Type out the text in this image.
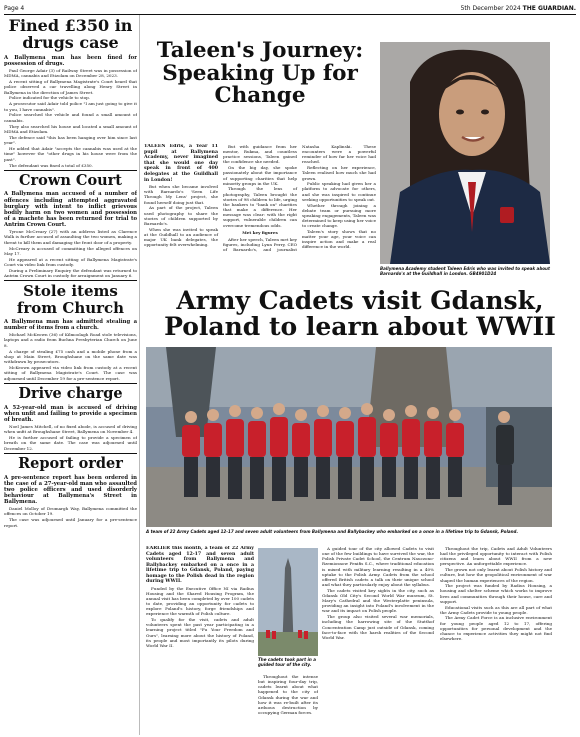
Page 4	5th December 2024 THE GUARDIAN.
Fined £350 in drugs case
A Ballymena man has been fined for possession of drugs.

Paul George Adair (3) of Railway Street was in possession of MDMA, cannabis and Etizolam on December 28, 2023.

A recent sitting of Ballymena Magistrate's Court heard that police observed a car travelling along Henry Street in Ballymena in the direction of James Street.

Police indicated for the vehicle to stop.

A prosecutor said Adair told police "I am just going to give it to you, I have cannabis".

Police searched the vehicle and found a small amount of cannabis.

They also searched his house and located a small amount of MDMA and Etizolam.

The defence said "this has been hanging over him since last year".

He added that Adair "accepts the cannabis was used at the time" however the "other drugs in his house were from the past".

The defendant was fined a total of £350.

Crown Court
A Ballymena man accused of a number of offences including attempted aggravated burglary with intent to inflict grievous bodily harm on two women and possession of a machete has been returned for trial to Antrim Crown Court.

Tyrone McCreary (27) with an address listed as Clarence Walk is further accused of assaulting the two women, making a threat to kill them and damaging the front door of a property.

McCreary is accused of committing the alleged offences on May 17.

He appeared at a recent sitting of Ballymena Magistrate's Court via video link from custody.

During a Preliminary Enquiry the defendant was returned to Antrim Crown Court in custody for arraignment on January 6.

Stole items from Church
A Ballymena man has admitted stealing a number of items from a church.

Michael McKeown (36) of Kilmoolagh Road stole televisions, laptops and a radio from Buchna Presbyterian Church on June 8.

A charge of stealing £75 cash and a mobile phone from a shop at Main Street, Broughshane on the same date was withdrawn by prosecutors.

McKeown appeared via video link from custody at a recent sitting of Ballymena Magistrate's Court. The case was adjourned until December 19 for a pre-sentence report.

Drive charge
A 52-year-old man is accused of driving when unfit and failing to provide a specimen of breath.

Noel James Mitchell, of no fixed abode, is accused of driving when unfit at Broughshane Street, Ballymena on November 4.

He is further accused of failing to provide a specimen of breath on the same date. The case was adjourned until December 12.

Report order
A pre-sentence report has been ordered in the case of a 27-year-old man who assaulted two police officers and used disorderly behaviour at Ballymena's Street in Ballymena.

Daniel Molloy of Dromargh Way, Ballymena committed the offences on October 19.

The case was adjourned until January for a pre-sentence report.

Taleen's Journey: Speaking Up for Change
TALEEN Edris, a Year 11 pupil at Ballymena Academy, never imagined that she would one day speak in front of 400 delegates at the Guildhall in London!

But when she became involved with Barnardo's 'Seen Life Through My Lens' project, she found herself doing just that.

As part of the project, Taleen used photography to share the stories of children supported by Barnardo's.

When she was invited to speak at the Guildhall to an audience of major UK bank delegates, the opportunity felt overwhelming.

But with guidance from her mentor, Rukma, and countless practice sessions, Taleen gained the confidence she needed.

On the big day, she spoke passionately about the importance of supporting charities that help minority groups in the UK.

Through the lens of photography, Taleen brought the stories of 98 children to life, urging the bankers to "bank on" charities that make a difference. Her message was clear: with the right support, vulnerable children can overcome tremendous odds.

Met key figures

After her speech, Taleen met key figures, including Lynn Perry, CEO of Barnardo's, and journalist Natasha Kaplinski. These encounters were a powerful reminder of how far her voice had reached.

Reflecting on her experience, Taleen realised how much she had grown.

Public speaking had given her a platform to advocate for others, and she was inspired to continue seeking opportunities to speak out.

Whether through joining a debate team or pursuing more speaking engagements, Taleen was determined to keep using her voice to create change.

Taleen's story shows that no matter your age, your voice can inspire action and make a real difference in the world.

Ballymena Academy student Taleen Edris who was invited to speak about Barnardo's at the Guildhall in London. GB4901D24
Army Cadets visit Gdansk, Poland to learn about WWII
A team of 22 Army Cadets aged 12-17 and seven adult volunteers from Ballymena and Ballybackey who embarked on a once in a lifetime trip to Gdansk, Poland.
EARLIER this month, a team of 22 Army Cadets aged 12-17 and seven adult volunteers from Ballymena and Ballybackey embarked on a once in a lifetime trip to Gdansk, Poland, paying homage to the Polish dead in the region during WWII.

Funded by the Executive Office NI via Radius Housing and the Shared Housing Program, the annual visit has been completed by over 100 cadets to date, providing an opportunity for cadets to explore Poland's history, forge friendships and experience the warmth of Polish culture.

To qualify for the visit, cadets and adult volunteers spent the past year participating in a learning project titled "Fu Your Freedom and Ours", learning more about the history of Poland, its people and most importantly its pilots during World War II.

The cadets took part in a guided tour of the city.

Throughout the intense but inspiring four-day trip, cadets learnt about what happened to the city of Gdansk during the war and how it was re-built after its arduous destruction by occupying German forces.

A guided tour of the city allowed Cadets to visit one of the few buildings to have survived the war, the Polish Private Cadet School, the Centrum Nauczono-Rzemiosnow Fenifis S.C., where traditional education is mixed with military learning resulting in a 40% uptake to the Polish Army. Cadets from the school offered British cadets a talk on their unique school and what they particularly enjoy about the syllabus.

The cadets visited key sights in the city, such as Gdansk Old City's Second World War museum, St. Mary's Cathedral and the Westerplatte peninsula, providing an insight into Poland's involvement in the war and its impact on Polish people.

The group also visited several war memorials, including the harrowing site of the Stutthof Concentration Camp just outside of Gdansk, coming face-to-face with the harsh realities of the Second World War.

Throughout the trip, Cadets and Adult Volunteers had the privileged opportunity to interact with Polish citizens and learn about WWII from a new perspective. An unforgettable experience.

The grown not only learnt about Polish history and culture, but how the geopolitical environment of war shaped the human experiences of the region.

The project was funded by Radius Housing, a housing and shelter scheme which works to improve lives and communities through their house, care and support.

Educational visits such as this are all part of what the Army Cadets provide to young people.

The Army Cadet Force is an inclusive environment for young people aged 12 to 17, offering opportunities for personal development and the chance to experience activities they might not find elsewhere.
